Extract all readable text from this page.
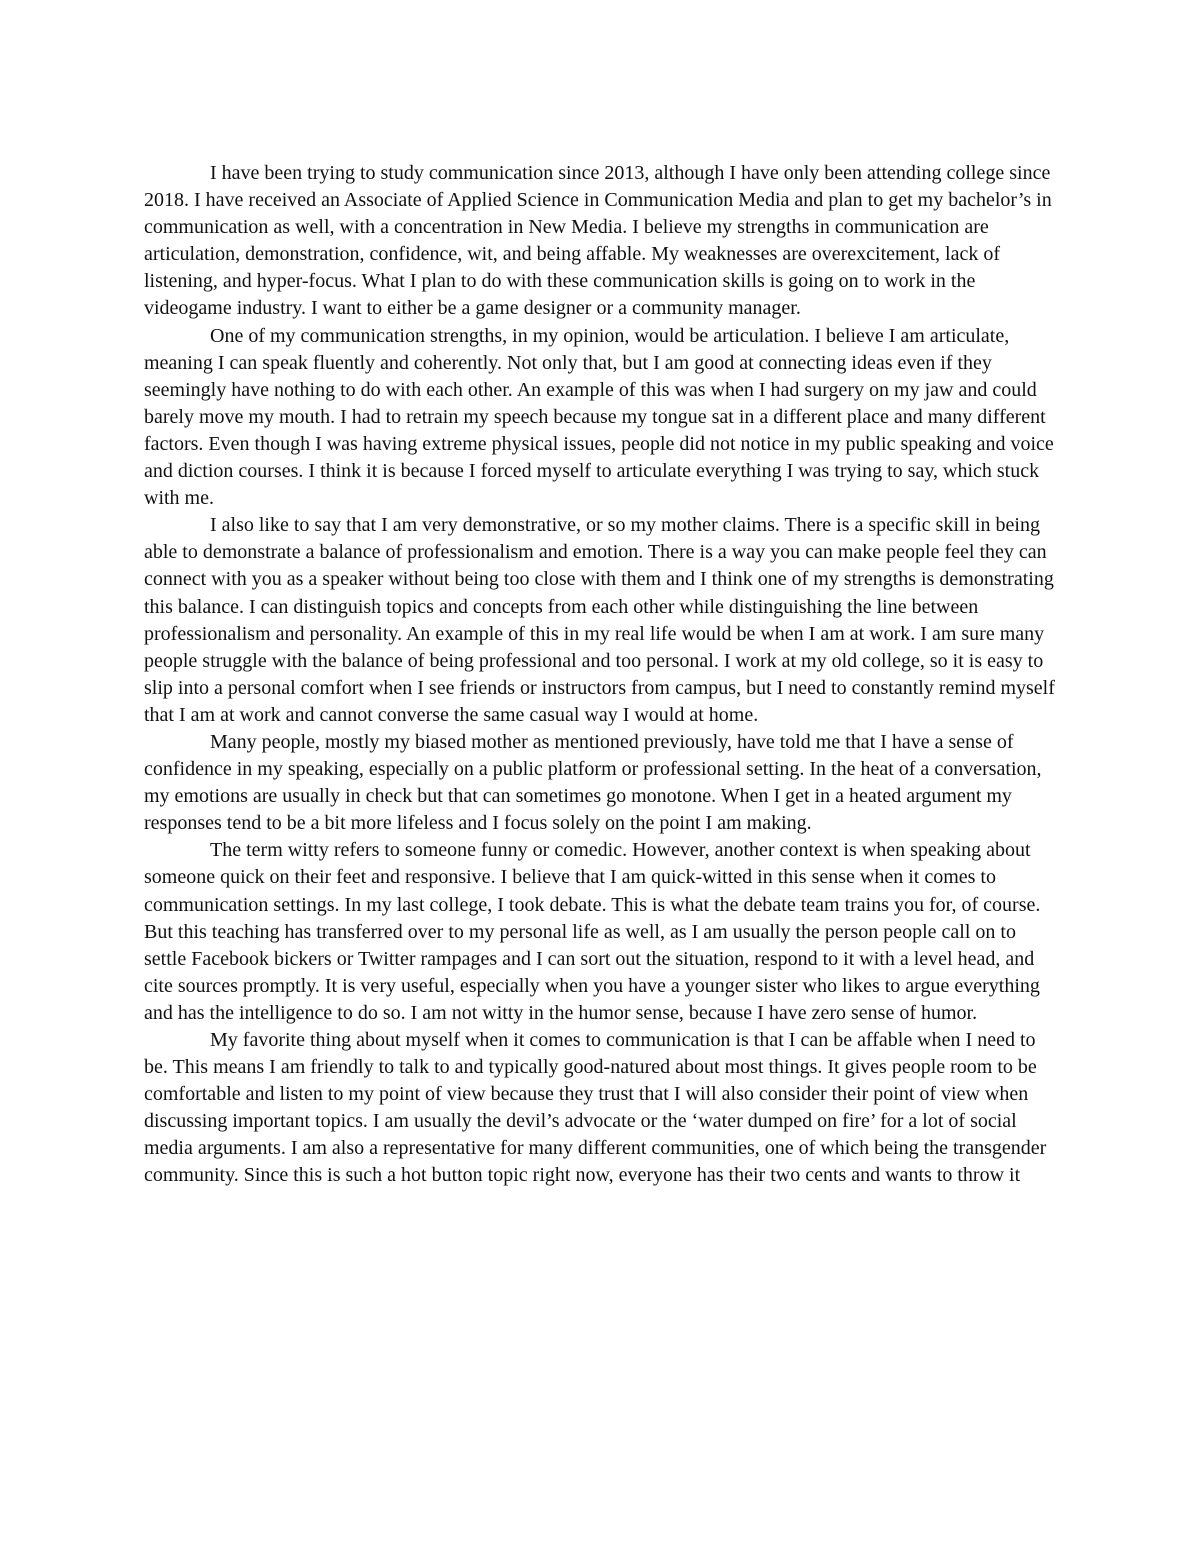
I have been trying to study communication since 2013, although I have only been attending college since 2018. I have received an Associate of Applied Science in Communication Media and plan to get my bachelor’s in communication as well, with a concentration in New Media. I believe my strengths in communication are articulation, demonstration, confidence, wit, and being affable. My weaknesses are overexcitement, lack of listening, and hyper-focus. What I plan to do with these communication skills is going on to work in the videogame industry. I want to either be a game designer or a community manager.

One of my communication strengths, in my opinion, would be articulation. I believe I am articulate, meaning I can speak fluently and coherently. Not only that, but I am good at connecting ideas even if they seemingly have nothing to do with each other. An example of this was when I had surgery on my jaw and could barely move my mouth. I had to retrain my speech because my tongue sat in a different place and many different factors. Even though I was having extreme physical issues, people did not notice in my public speaking and voice and diction courses. I think it is because I forced myself to articulate everything I was trying to say, which stuck with me.

I also like to say that I am very demonstrative, or so my mother claims. There is a specific skill in being able to demonstrate a balance of professionalism and emotion. There is a way you can make people feel they can connect with you as a speaker without being too close with them and I think one of my strengths is demonstrating this balance. I can distinguish topics and concepts from each other while distinguishing the line between professionalism and personality. An example of this in my real life would be when I am at work. I am sure many people struggle with the balance of being professional and too personal. I work at my old college, so it is easy to slip into a personal comfort when I see friends or instructors from campus, but I need to constantly remind myself that I am at work and cannot converse the same casual way I would at home.

Many people, mostly my biased mother as mentioned previously, have told me that I have a sense of confidence in my speaking, especially on a public platform or professional setting. In the heat of a conversation, my emotions are usually in check but that can sometimes go monotone. When I get in a heated argument my responses tend to be a bit more lifeless and I focus solely on the point I am making.

The term witty refers to someone funny or comedic. However, another context is when speaking about someone quick on their feet and responsive. I believe that I am quick-witted in this sense when it comes to communication settings. In my last college, I took debate. This is what the debate team trains you for, of course. But this teaching has transferred over to my personal life as well, as I am usually the person people call on to settle Facebook bickers or Twitter rampages and I can sort out the situation, respond to it with a level head, and cite sources promptly. It is very useful, especially when you have a younger sister who likes to argue everything and has the intelligence to do so. I am not witty in the humor sense, because I have zero sense of humor.

My favorite thing about myself when it comes to communication is that I can be affable when I need to be. This means I am friendly to talk to and typically good-natured about most things. It gives people room to be comfortable and listen to my point of view because they trust that I will also consider their point of view when discussing important topics. I am usually the devil’s advocate or the ‘water dumped on fire’ for a lot of social media arguments. I am also a representative for many different communities, one of which being the transgender community. Since this is such a hot button topic right now, everyone has their two cents and wants to throw it
